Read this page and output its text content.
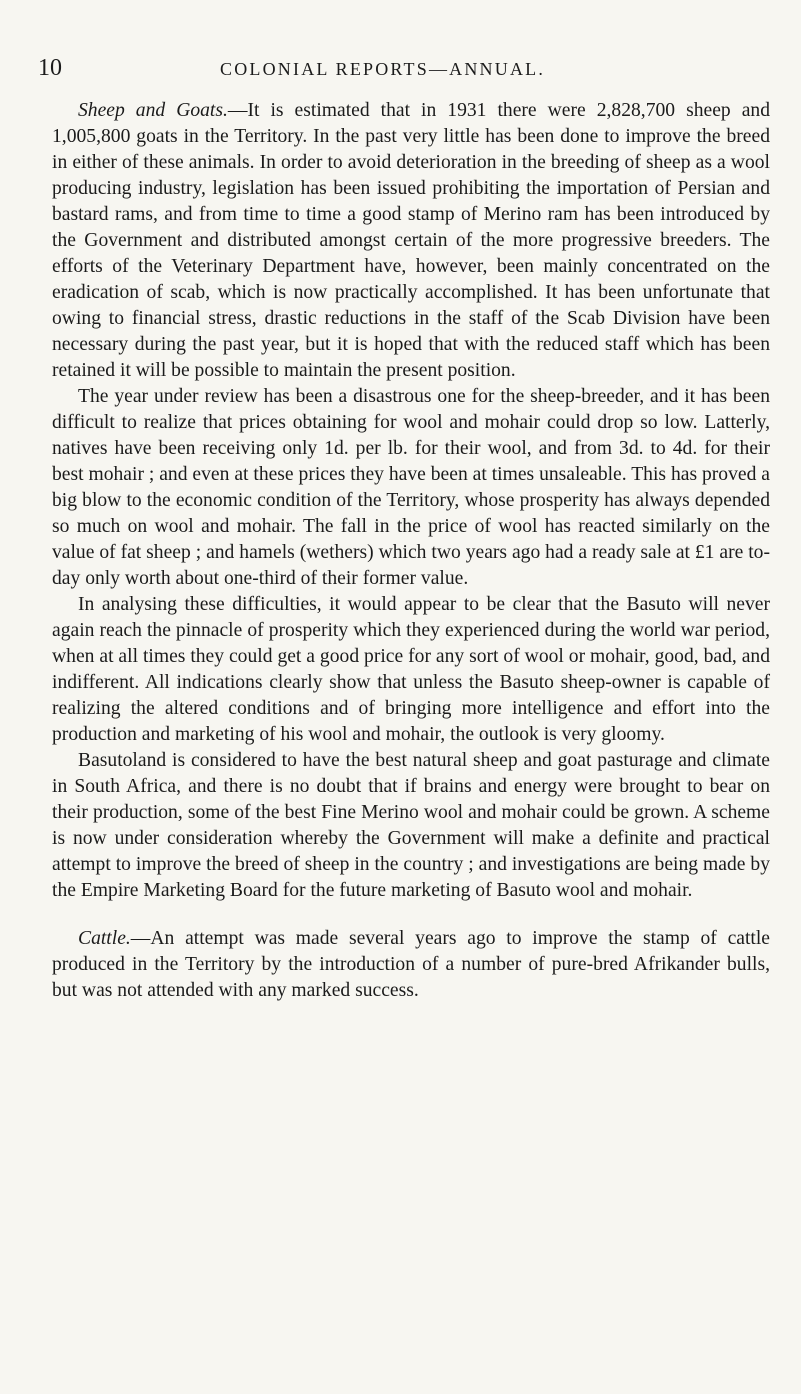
10	COLONIAL REPORTS—ANNUAL.

Sheep and Goats.—It is estimated that in 1931 there were 2,828,700 sheep and 1,005,800 goats in the Territory. In the past very little has been done to improve the breed in either of these animals. In order to avoid deterioration in the breeding of sheep as a wool producing industry, legislation has been issued prohibiting the importation of Persian and bastard rams, and from time to time a good stamp of Merino ram has been introduced by the Government and distributed amongst certain of the more progressive breeders. The efforts of the Veterinary Department have, however, been mainly concentrated on the eradication of scab, which is now practically accomplished. It has been unfortunate that owing to financial stress, drastic reductions in the staff of the Scab Division have been necessary during the past year, but it is hoped that with the reduced staff which has been retained it will be possible to maintain the present position.

The year under review has been a disastrous one for the sheep-breeder, and it has been difficult to realize that prices obtaining for wool and mohair could drop so low. Latterly, natives have been receiving only 1d. per lb. for their wool, and from 3d. to 4d. for their best mohair ; and even at these prices they have been at times unsaleable. This has proved a big blow to the economic condition of the Territory, whose prosperity has always depended so much on wool and mohair. The fall in the price of wool has reacted similarly on the value of fat sheep ; and hamels (wethers) which two years ago had a ready sale at £1 are to-day only worth about one-third of their former value.

In analysing these difficulties, it would appear to be clear that the Basuto will never again reach the pinnacle of prosperity which they experienced during the world war period, when at all times they could get a good price for any sort of wool or mohair, good, bad, and indifferent. All indications clearly show that unless the Basuto sheep-owner is capable of realizing the altered conditions and of bringing more intelligence and effort into the production and marketing of his wool and mohair, the outlook is very gloomy.

Basutoland is considered to have the best natural sheep and goat pasturage and climate in South Africa, and there is no doubt that if brains and energy were brought to bear on their production, some of the best Fine Merino wool and mohair could be grown. A scheme is now under consideration whereby the Government will make a definite and practical attempt to improve the breed of sheep in the country ; and investigations are being made by the Empire Marketing Board for the future marketing of Basuto wool and mohair.

Cattle.—An attempt was made several years ago to improve the stamp of cattle produced in the Territory by the introduction of a number of pure-bred Afrikander bulls, but was not attended with any marked success.
